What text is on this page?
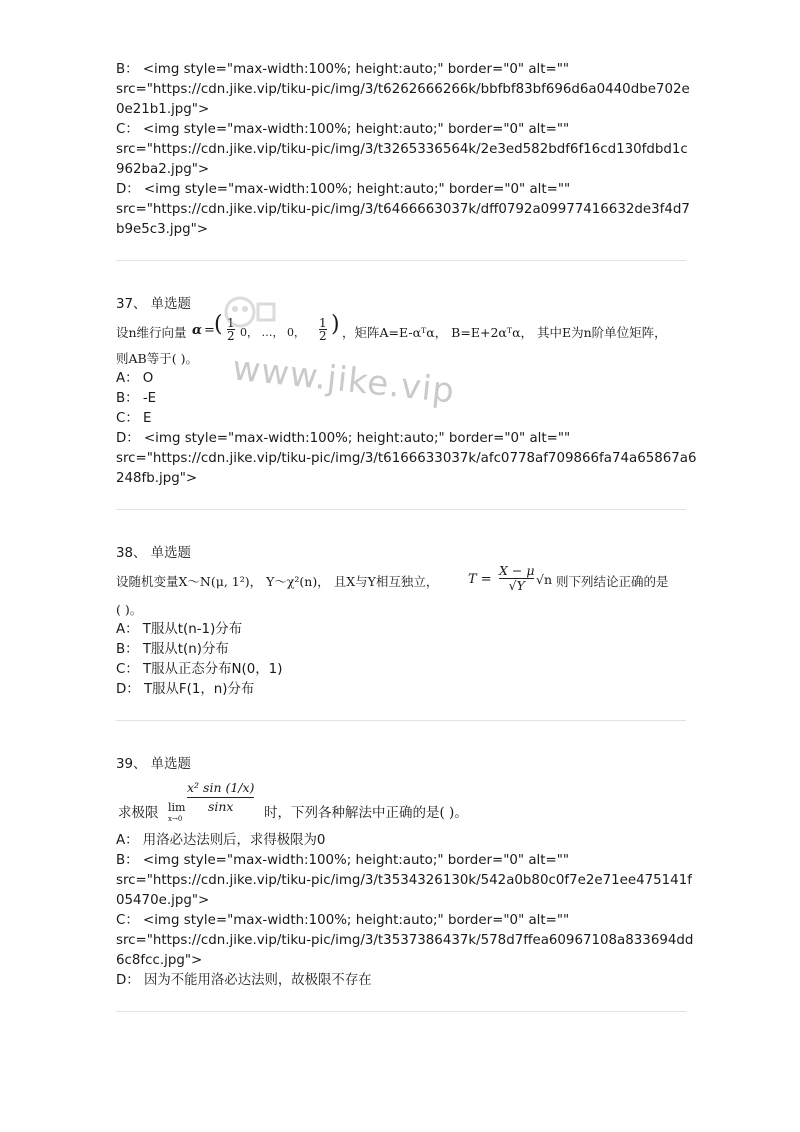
B： <img style="max-width:100%; height:auto;" border="0" alt=""
src="https://cdn.jike.vip/tiku-pic/img/3/t6262666266k/bbfbf83bf696d6a0440dbe702e
0e21b1.jpg">
C： <img style="max-width:100%; height:auto;" border="0" alt=""
src="https://cdn.jike.vip/tiku-pic/img/3/t3265336564k/2e3ed582bdf6f16cd130fdbd1c
962ba2.jpg">
D： <img style="max-width:100%; height:auto;" border="0" alt=""
src="https://cdn.jike.vip/tiku-pic/img/3/t6466663037k/dff0792a09977416632de3f4d7
b9e5c3.jpg">
37、 单选题
设n维行向量 α = ( 1
2 0， …， 0，
1
2 ) ，矩阵A=E-αᵀα， B=E+2αᵀα， 其中E为n阶单位矩阵，
则AB等于( )。
A： O
B： -E
C： E
D： <img style="max-width:100%; height:auto;" border="0" alt=""
src="https://cdn.jike.vip/tiku-pic/img/3/t6166633037k/afc0778af709866fa74a65867a6
248fb.jpg">
38、 单选题
设随机变量X～N(μ, 1²)， Y～χ²(n)， 且X与Y相互独立， T =
X − μ
√Y √n 则下列结论正确的是
( )。
A： T服从t(n-1)分布
B： T服从t(n)分布
C： T服从正态分布N(0，1)
D： T服从F(1，n)分布
39、 单选题
求极限 lim
x→0
x² sin (1/x)
sinx 时，下列各种解法中正确的是( )。
A： 用洛必达法则后，求得极限为0
B： <img style="max-width:100%; height:auto;" border="0" alt=""
src="https://cdn.jike.vip/tiku-pic/img/3/t3534326130k/542a0b80c0f7e2e71ee475141f
05470e.jpg">
C： <img style="max-width:100%; height:auto;" border="0" alt=""
src="https://cdn.jike.vip/tiku-pic/img/3/t3537386437k/578d7ffea60967108a833694dd
6c8fcc.jpg">
D： 因为不能用洛必达法则，故极限不存在
www.jike.vip
